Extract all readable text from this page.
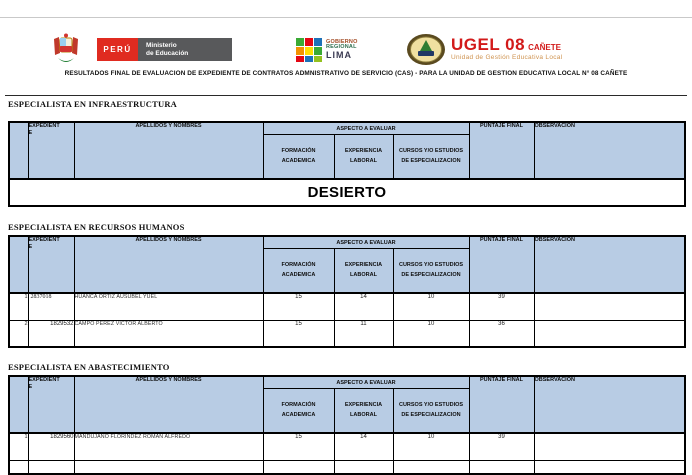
PERÚ Ministerio
de Educación
GOBIERNO
REGIONAL
LIMA
UGEL 08 CAÑETE
Unidad de Gestión Educativa Local
RESULTADOS FINAL DE EVALUACION DE EXPEDIENTE DE CONTRATOS ADMNISTRATIVO DE SERVICIO (CAS) - PARA LA UNIDAD DE GESTION EDUCATIVA LOCAL N° 08 CAÑETE
ESPECIALISTA EN INFRAESTRUCTURA
	EXPEDIENTE	APELLIDOS Y NOMBRES	ASPECTO A EVALUAR			PUNTAJE FINAL	OBSERVACIÓN
			FORMACIÓN ACADEMICA	EXPERIENCIA LABORAL	CURSOS Y/O ESTUDIOS DE ESPECIALIZACION		
DESIERTO							
ESPECIALISTA EN RECURSOS HUMANOS
	EXPEDIENTE	APELLIDOS Y NOMBRES	ASPECTO A EVALUAR			PUNTAJE FINAL	OBSERVACIÓN
			FORMACIÓN ACADEMICA	EXPERIENCIA LABORAL	CURSOS Y/O ESTUDIOS DE ESPECIALIZACION		
1	2837018	HUANCA ORTIZ AUSUBEL YUEL	15	14	10	39	
2	1829532	CAMPO PEREZ VICTOR ALBERTO	15	11	10	36	
ESPECIALISTA EN ABASTECIMIENTO
	EXPEDIENTE	APELLIDOS Y NOMBRES	ASPECTO A EVALUAR			PUNTAJE FINAL	OBSERVACIÓN
			FORMACIÓN ACADEMICA	EXPERIENCIA LABORAL	CURSOS Y/O ESTUDIOS DE ESPECIALIZACION		
1	1829560	MANDUJANO FLORINDEZ ROMAN ALFREDO	15	14	10	39	
